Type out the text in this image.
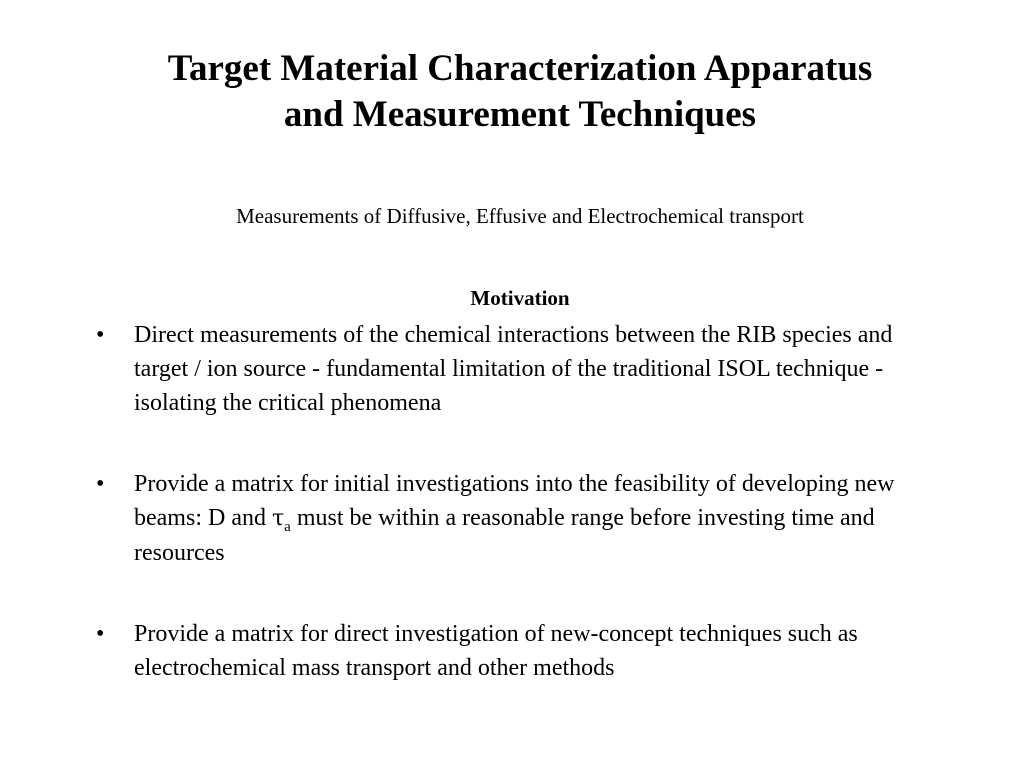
Target Material Characterization Apparatus
and Measurement Techniques

Measurements of Diffusive, Effusive and Electrochemical transport

Motivation

• Direct measurements of the chemical interactions between the RIB species and target / ion source - fundamental limitation of the traditional ISOL technique - isolating the critical phenomena
• Provide a matrix for initial investigations into the feasibility of developing new beams: D and $\tau_a$ must be within a reasonable range before investing time and resources
• Provide a matrix for direct investigation of new-concept techniques such as electrochemical mass transport and other methods
